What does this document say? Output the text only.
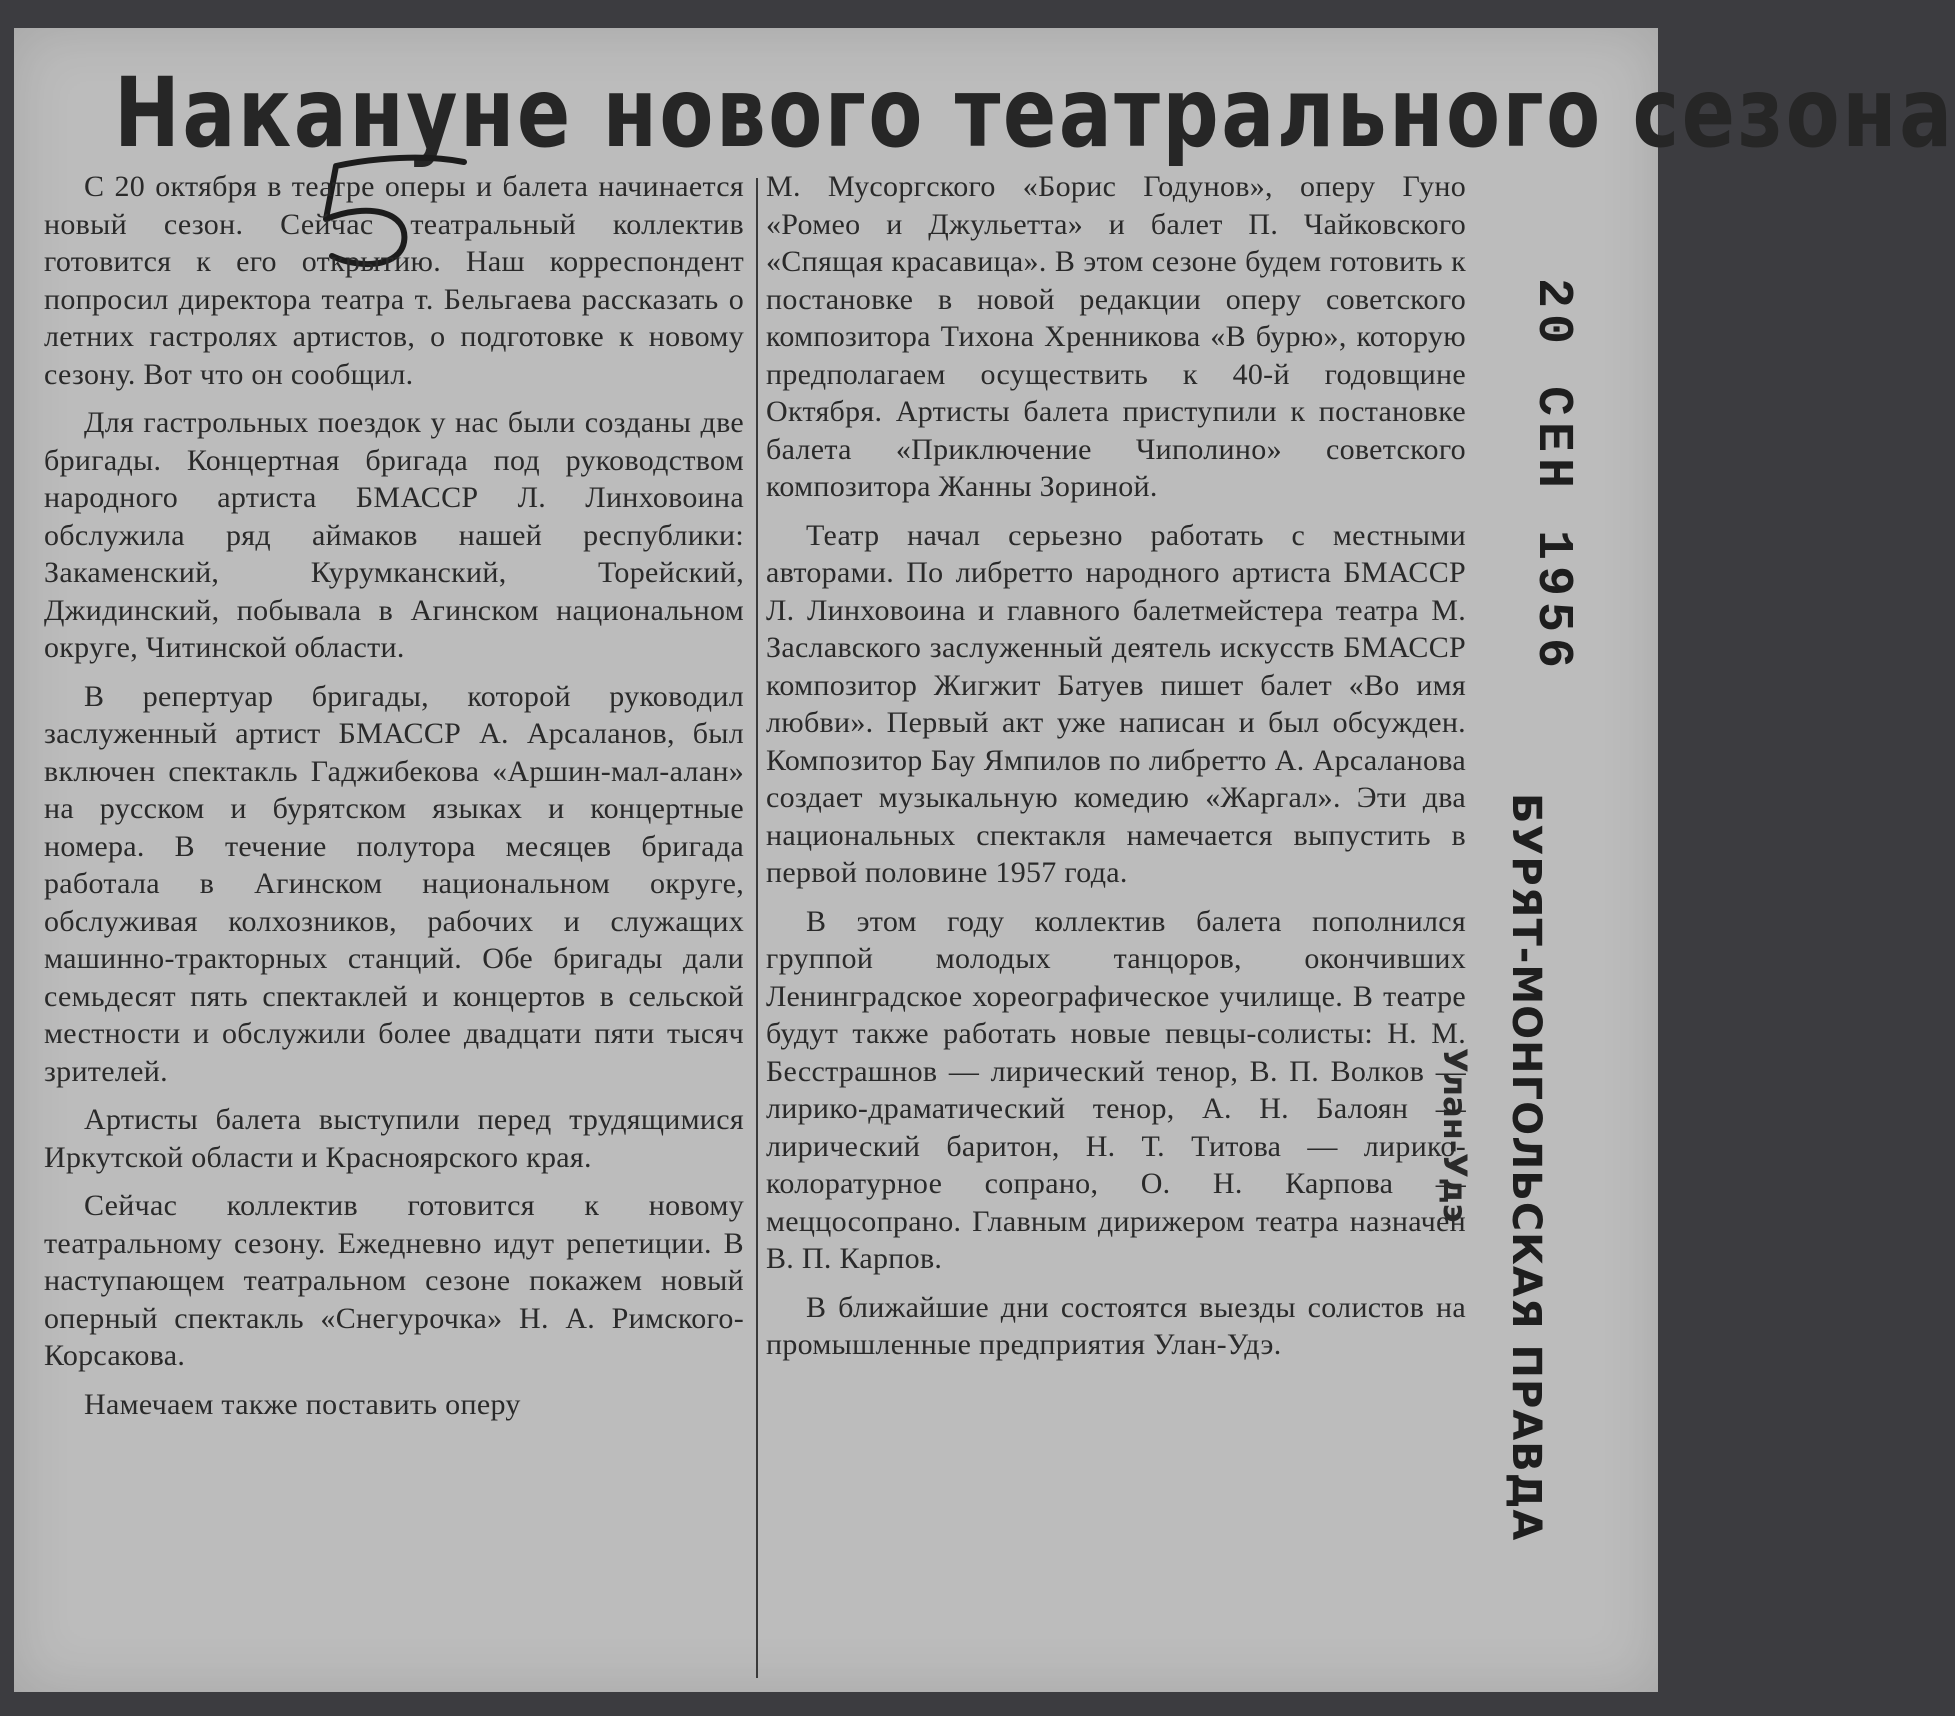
Накануне нового театрального сезона

С 20 октября в театре оперы и балета начинается новый сезон. Сейчас театральный коллектив готовится к его открытию. Наш корреспондент попросил директора театра т. Бельгаева рассказать о летних гастролях артистов, о подготовке к новому сезону. Вот что он сообщил.

Для гастрольных поездок у нас были созданы две бригады. Концертная бригада под руководством народного артиста БМАССР Л. Линховоина обслужила ряд аймаков нашей республики: Закаменский, Курумканский, Торейский, Джидинский, побывала в Агинском национальном округе, Читинской области.

В репертуар бригады, которой руководил заслуженный артист БМАССР А. Арсаланов, был включен спектакль Гаджибекова «Аршин-мал-алан» на русском и бурятском языках и концертные номера. В течение полутора месяцев бригада работала в Агинском национальном округе, обслуживая колхозников, рабочих и служащих машинно-тракторных станций. Обе бригады дали семьдесят пять спектаклей и концертов в сельской местности и обслужили более двадцати пяти тысяч зрителей.

Артисты балета выступили перед трудящимися Иркутской области и Красноярского края.

Сейчас коллектив готовится к новому театральному сезону. Ежедневно идут репетиции. В наступающем театральном сезоне покажем новый оперный спектакль «Снегурочка» Н. А. Римского-Корсакова.

Намечаем также поставить оперу

М. Мусоргского «Борис Годунов», оперу Гуно «Ромео и Джульетта» и балет П. Чайковского «Спящая красавица». В этом сезоне будем готовить к постановке в новой редакции оперу советского композитора Тихона Хренникова «В бурю», которую предполагаем осуществить к 40-й годовщине Октября. Артисты балета приступили к постановке балета «Приключение Чиполино» советского композитора Жанны Зориной.

Театр начал серьезно работать с местными авторами. По либретто народного артиста БМАССР Л. Линховоина и главного балетмейстера театра М. Заславского заслуженный деятель искусств БМАССР композитор Жигжит Батуев пишет балет «Во имя любви». Первый акт уже написан и был обсужден. Композитор Бау Ямпилов по либретто А. Арсаланова создает музыкальную комедию «Жаргал». Эти два национальных спектакля намечается выпустить в первой половине 1957 года.

В этом году коллектив балета пополнился группой молодых танцоров, окончивших Ленинградское хореографическое училище. В театре будут также работать новые певцы-солисты: Н. М. Бесстрашнов — лирический тенор, В. П. Волков — лирико-драматический тенор, А. Н. Балоян — лирический баритон, Н. Т. Титова — лирико-колоратурное сопрано, О. Н. Карпова — меццосопрано. Главным дирижером театра назначен В. П. Карпов.

В ближайшие дни состоятся выезды солистов на промышленные предприятия Улан-Удэ.

20 СЕН 1956
БУРЯТ-МОНГОЛЬСКАЯ ПРАВДА
Улан-Удэ
